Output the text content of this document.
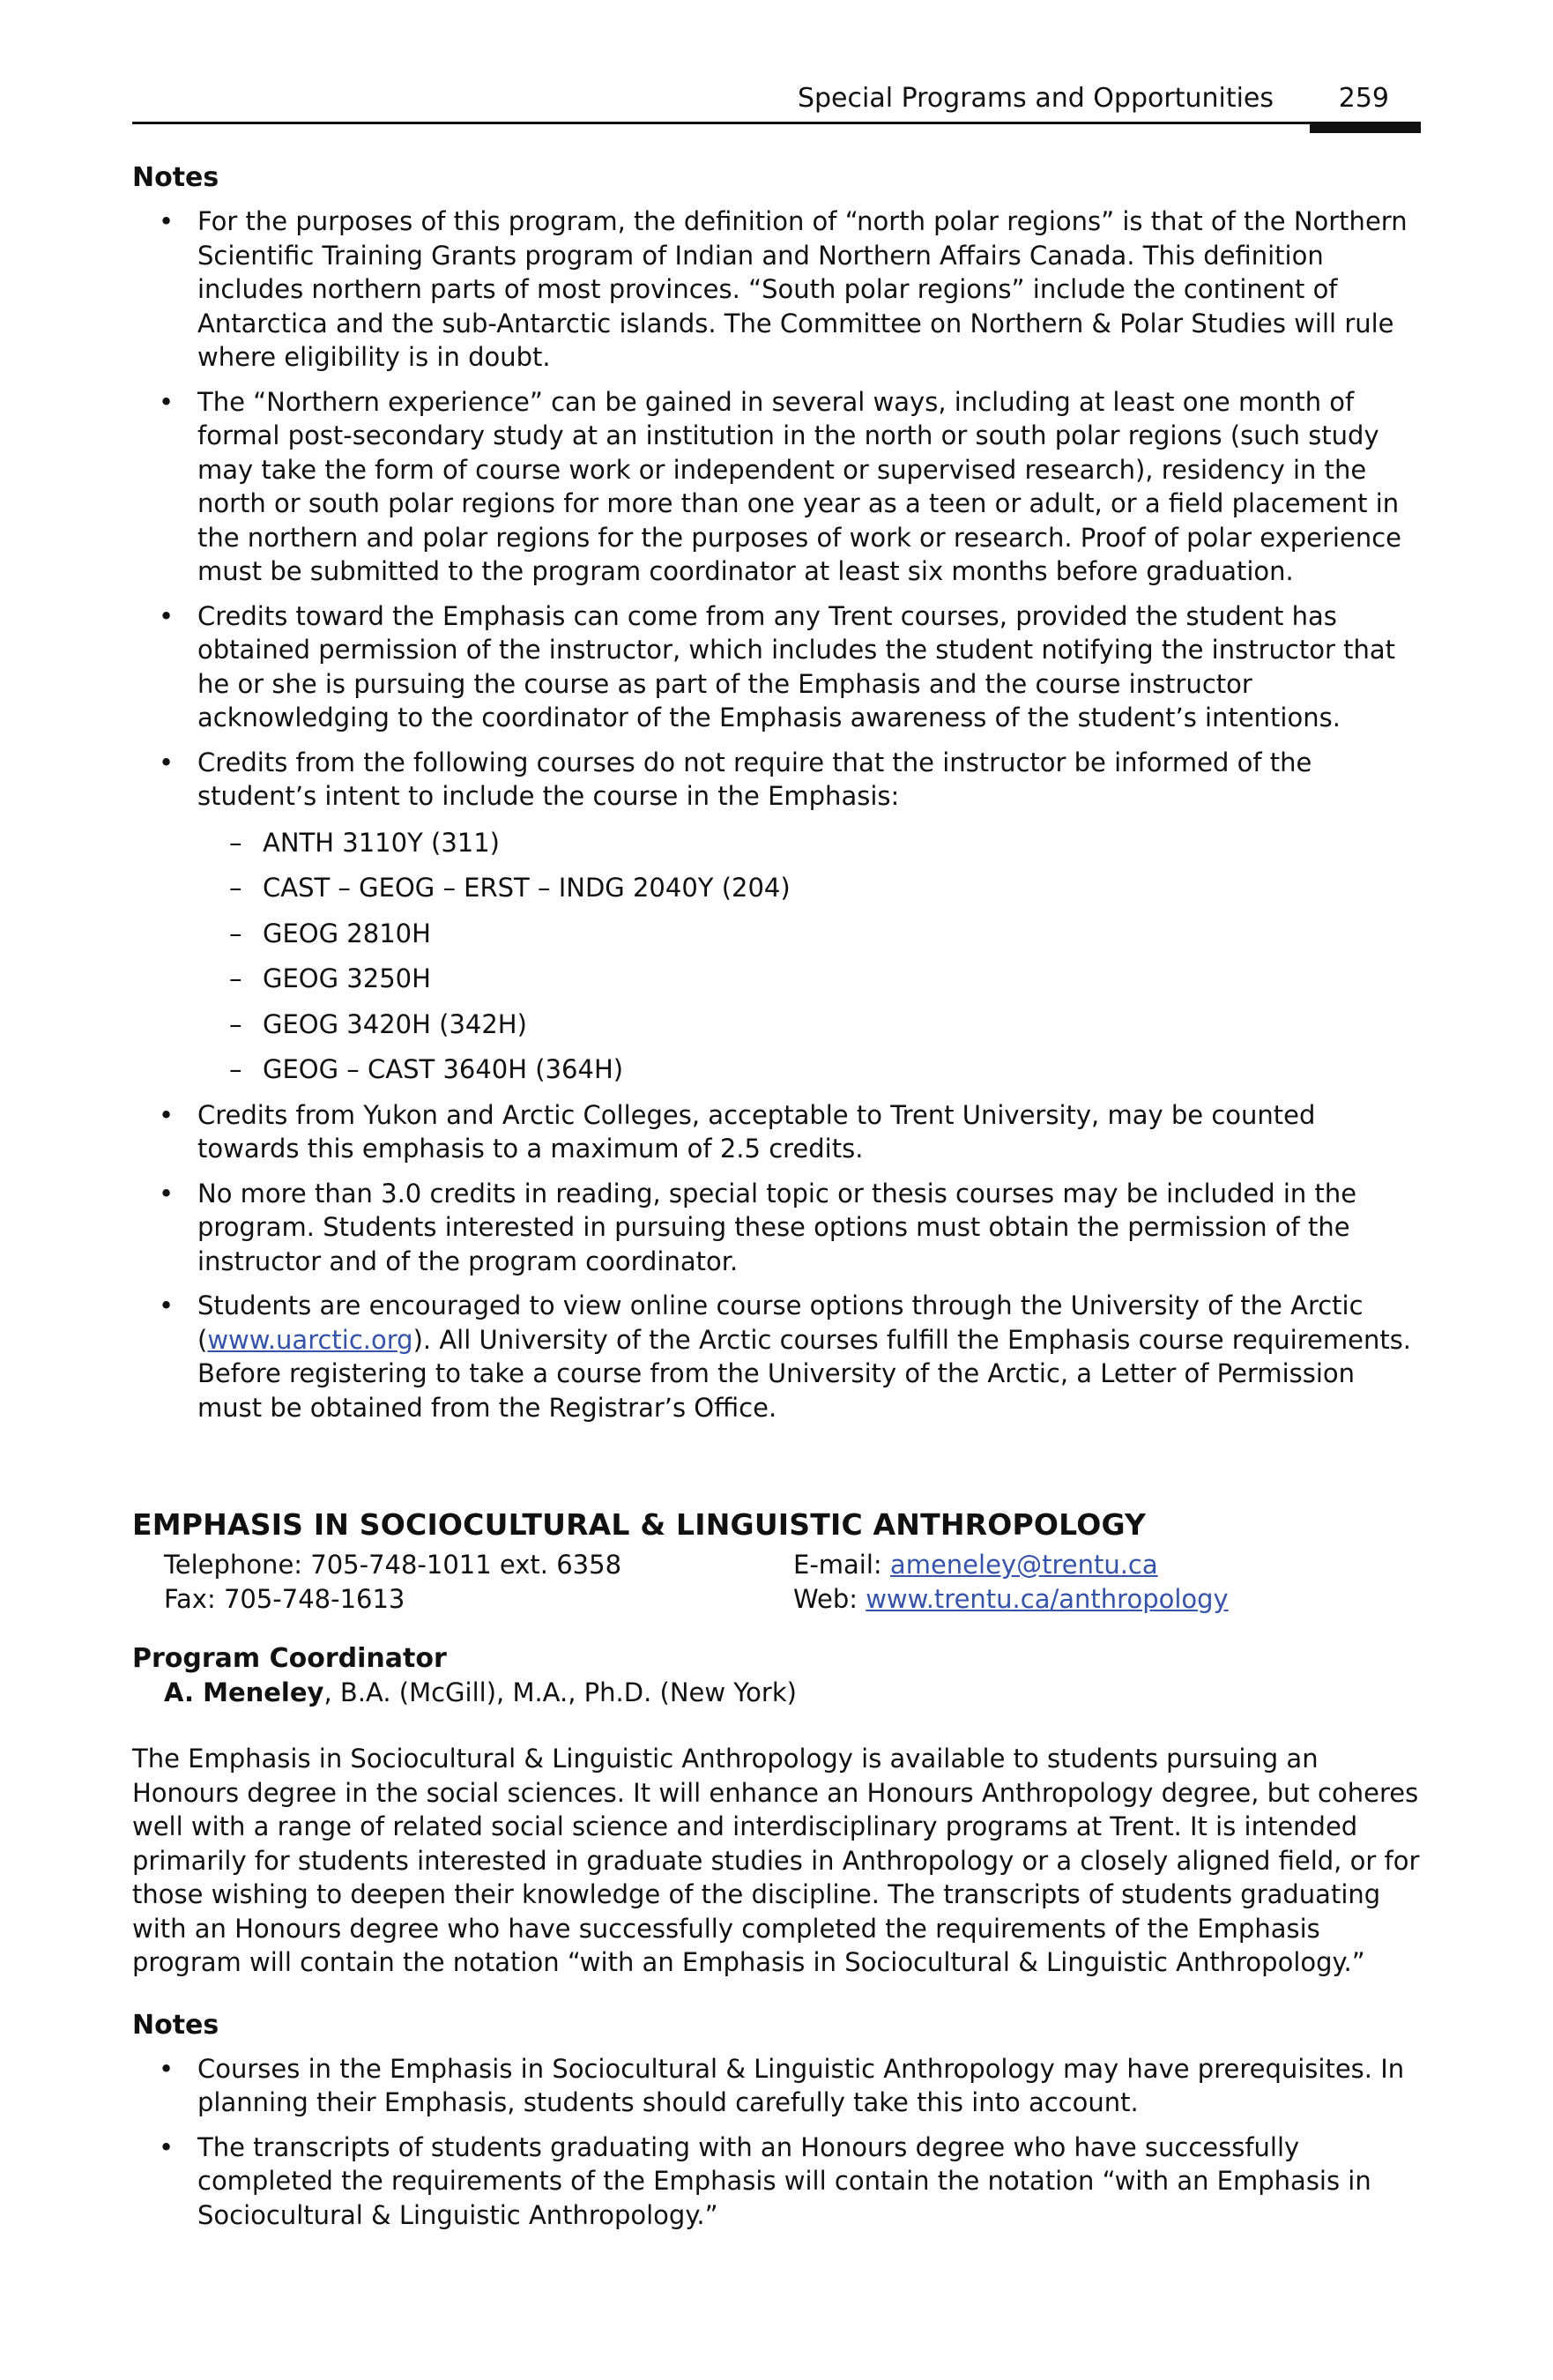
Special Programs and Opportunities 259
Notes
• For the purposes of this program, the definition of “north polar regions” is that of the Northern Scientific Training Grants program of Indian and Northern Affairs Canada. This definition includes northern parts of most provinces. “South polar regions” include the continent of Antarctica and the sub-Antarctic islands. The Committee on Northern & Polar Studies will rule where eligibility is in doubt.
• The “Northern experience” can be gained in several ways, including at least one month of formal post-secondary study at an institution in the north or south polar regions (such study may take the form of course work or independent or supervised research), residency in the north or south polar regions for more than one year as a teen or adult, or a field placement in the northern and polar regions for the purposes of work or research. Proof of polar experience must be submitted to the program coordinator at least six months before graduation.
• Credits toward the Emphasis can come from any Trent courses, provided the student has obtained permission of the instructor, which includes the student notifying the instructor that he or she is pursuing the course as part of the Emphasis and the course instructor acknowledging to the coordinator of the Emphasis awareness of the student’s intentions.
• Credits from the following courses do not require that the instructor be informed of the student’s intent to include the course in the Emphasis:
– ANTH 3110Y (311)
– CAST – GEOG – ERST – INDG 2040Y (204)
– GEOG 2810H
– GEOG 3250H
– GEOG 3420H (342H)
– GEOG – CAST 3640H (364H)
• Credits from Yukon and Arctic Colleges, acceptable to Trent University, may be counted towards this emphasis to a maximum of 2.5 credits.
• No more than 3.0 credits in reading, special topic or thesis courses may be included in the program. Students interested in pursuing these options must obtain the permission of the instructor and of the program coordinator.
• Students are encouraged to view online course options through the University of the Arctic (www.uarctic.org). All University of the Arctic courses fulfill the Emphasis course requirements. Before registering to take a course from the University of the Arctic, a Letter of Permission must be obtained from the Registrar’s Office.
EMPHASIS IN SOCIOCULTURAL & LINGUISTIC ANTHROPOLOGY
Telephone: 705-748-1011 ext. 6358
Fax: 705-748-1613
E-mail: ameneley@trentu.ca
Web: www.trentu.ca/anthropology
Program Coordinator
A. Meneley, B.A. (McGill), M.A., Ph.D. (New York)
The Emphasis in Sociocultural & Linguistic Anthropology is available to students pursuing an Honours degree in the social sciences. It will enhance an Honours Anthropology degree, but coheres well with a range of related social science and interdisciplinary programs at Trent. It is intended primarily for students interested in graduate studies in Anthropology or a closely aligned field, or for those wishing to deepen their knowledge of the discipline. The transcripts of students graduating with an Honours degree who have successfully completed the requirements of the Emphasis program will contain the notation “with an Emphasis in Sociocultural & Linguistic Anthropology.”
Notes
• Courses in the Emphasis in Sociocultural & Linguistic Anthropology may have prerequisites. In planning their Emphasis, students should carefully take this into account.
• The transcripts of students graduating with an Honours degree who have successfully completed the requirements of the Emphasis will contain the notation “with an Emphasis in Sociocultural & Linguistic Anthropology.”
